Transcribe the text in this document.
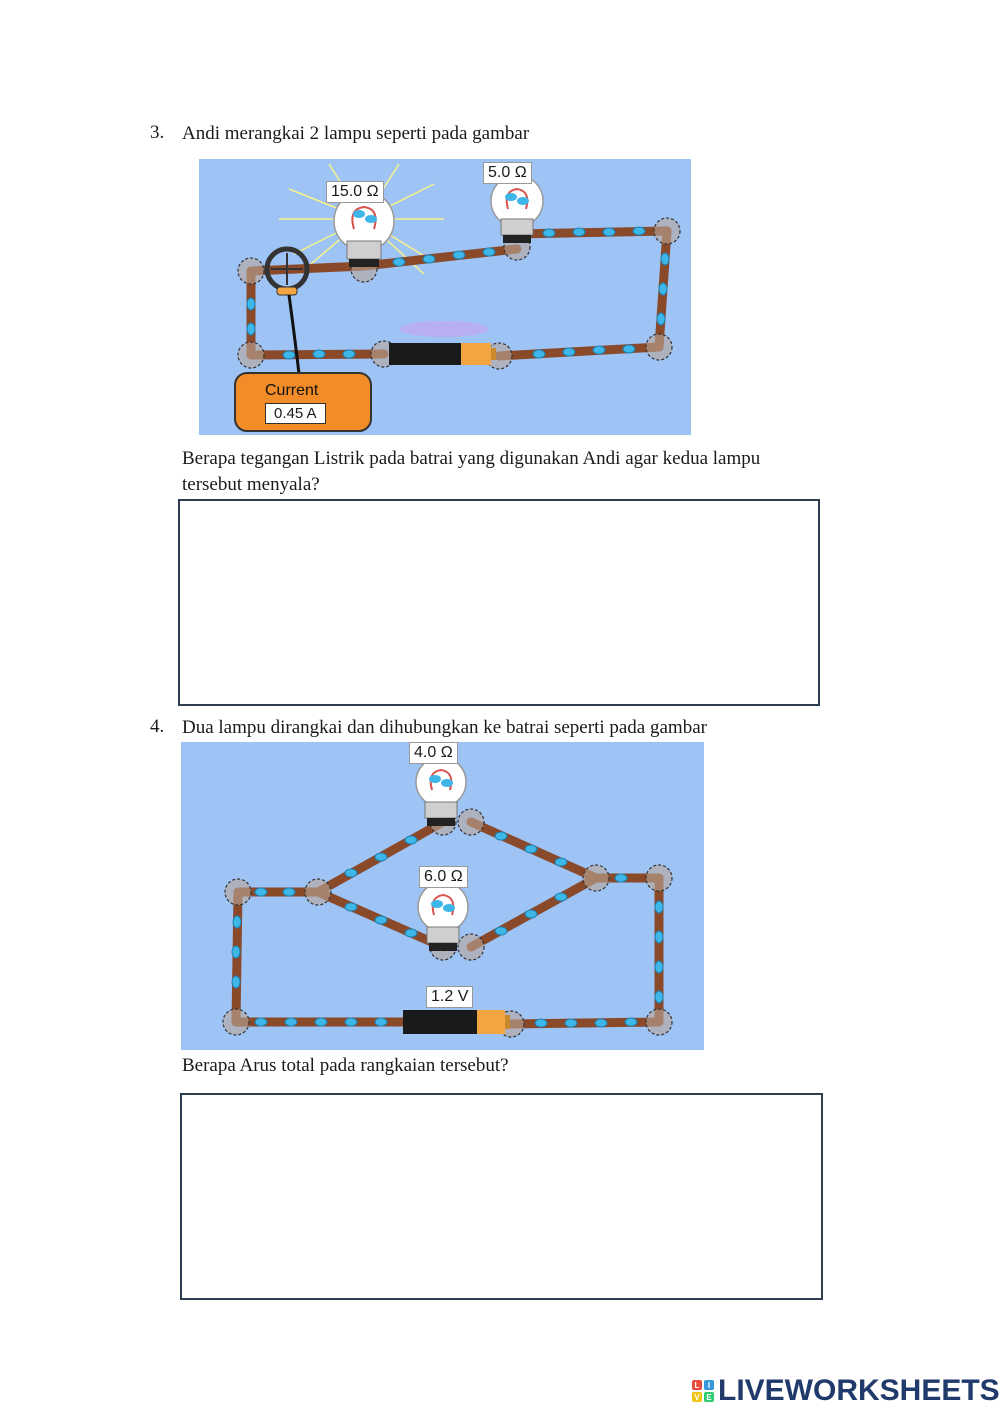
3. Andi merangkai 2 lampu seperti pada gambar
15.0 Ω
5.0 Ω
Current
0.45 A
Berapa tegangan Listrik pada batrai yang digunakan Andi agar kedua lampu
tersebut menyala?
4. Dua lampu dirangkai dan dihubungkan ke batrai seperti pada gambar
4.0 Ω
6.0 Ω
1.2 V
Berapa Arus total pada rangkaian tersebut?
L	I
V E LIVEWORKSHEETS
